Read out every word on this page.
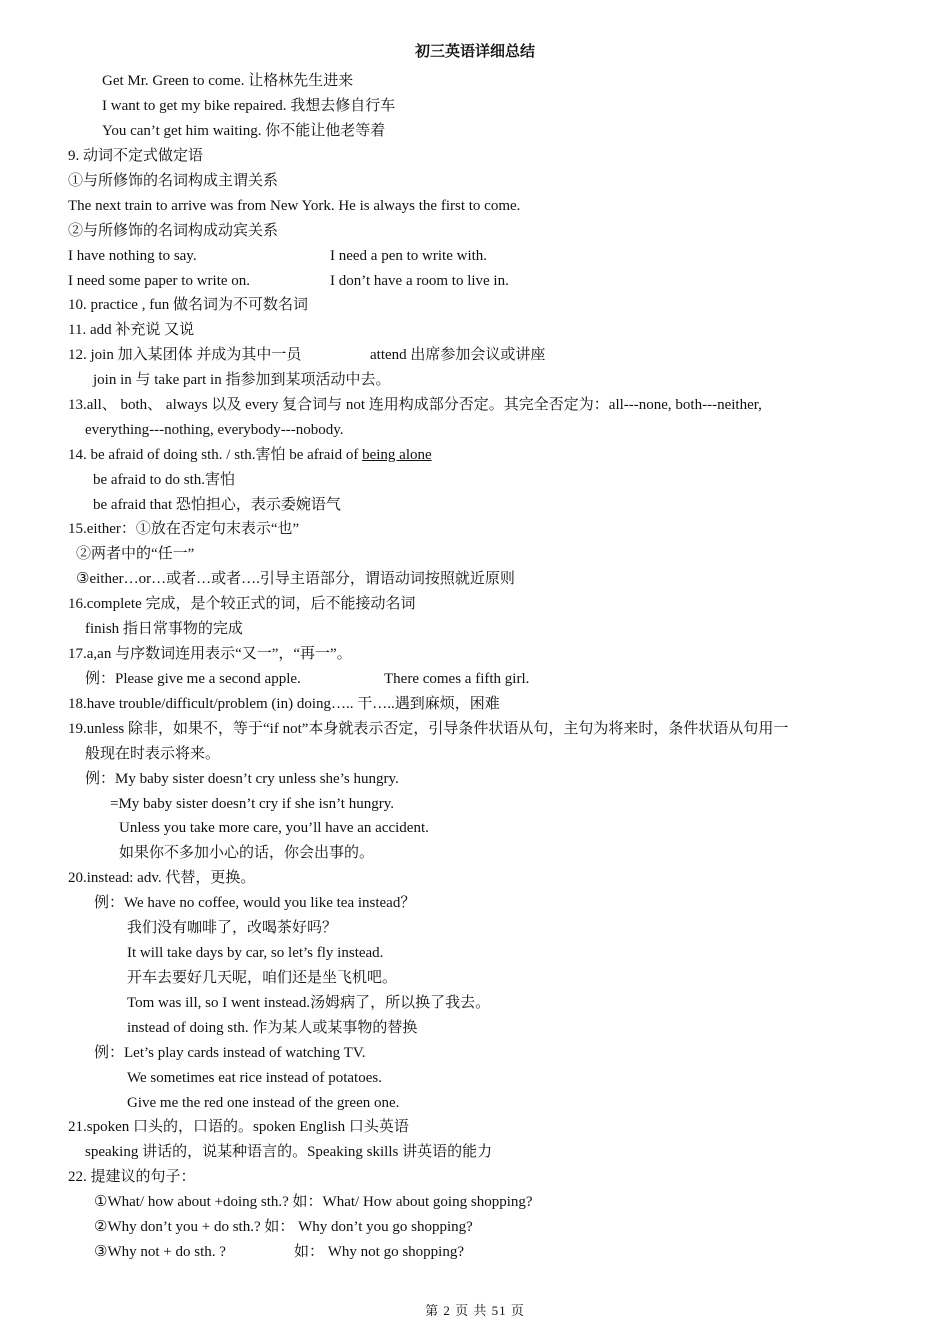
初三英语详细总结
Get Mr. Green to come. 让格林先生进来
I want to get my bike repaired. 我想去修自行车
You can’t get him waiting. 你不能让他老等着
9. 动词不定式做定语
①与所修饰的名词构成主谓关系
The next train to arrive was from New York. He is always the first to come.
②与所修饰的名词构成动宾关系
I have nothing to say.	I need a pen to write with.
I need some paper to write on.	I don’t have a room to live in.
10. practice , fun 做名词为不可数名词
11. add 补充说 又说
12. join 加入某团体 并成为其中一员	attend 出席参加会议或讲座
join in 与 take part in 指参加到某项活动中去。
13.all、 both、 always 以及 every 复合词与 not 连用构成部分否定。其完全否定为：all---none, both---neither,
everything---nothing, everybody---nobody.
14. be afraid of doing sth. / sth.害怕 be afraid of being alone
be afraid to do sth.害怕
be afraid that 恐怕担心，表示委婉语气
15.either：①放在否定句末表示“也”
②两者中的“任一”
③either…or…或者…或者….引导主语部分，谓语动词按照就近原则
16.complete 完成，是个较正式的词，后不能接动名词
finish 指日常事物的完成
17.a,an 与序数词连用表示“又一”，“再一”。
例：Please give me a second apple.	There comes a fifth girl.
18.have trouble/difficult/problem (in) doing….. 干…..遇到麻烦，困难
19.unless 除非，如果不，等于“if not”本身就表示否定，引导条件状语从句，主句为将来时，条件状语从句用一
般现在时表示将来。
例：My baby sister doesn’t cry unless she’s hungry.
=My baby sister doesn’t cry if she isn’t hungry.
Unless you take more care, you’ll have an accident.
如果你不多加小心的话，你会出事的。
20.instead: adv. 代替，更换。
例：We have no coffee, would you like tea instead？
我们没有咖啡了，改喝茶好吗？
It will take days by car, so let’s fly instead.
开车去要好几天呢，咱们还是坐飞机吧。
Tom was ill, so I went instead.汤姆病了，所以换了我去。
instead of doing sth. 作为某人或某事物的替换
例：Let’s play cards instead of watching TV.
We sometimes eat rice instead of potatoes.
Give me the red one instead of the green one.
21.spoken 口头的，口语的。spoken English 口头英语
speaking 讲话的，说某种语言的。Speaking skills 讲英语的能力
22. 提建议的句子：
①What/ how about +doing sth.? 如：What/ How about going shopping?
②Why don’t you + do sth.? 如： Why don’t you go shopping?
③Why not + do sth. ?	如： Why not go shopping?
第 2 页 共 51 页
